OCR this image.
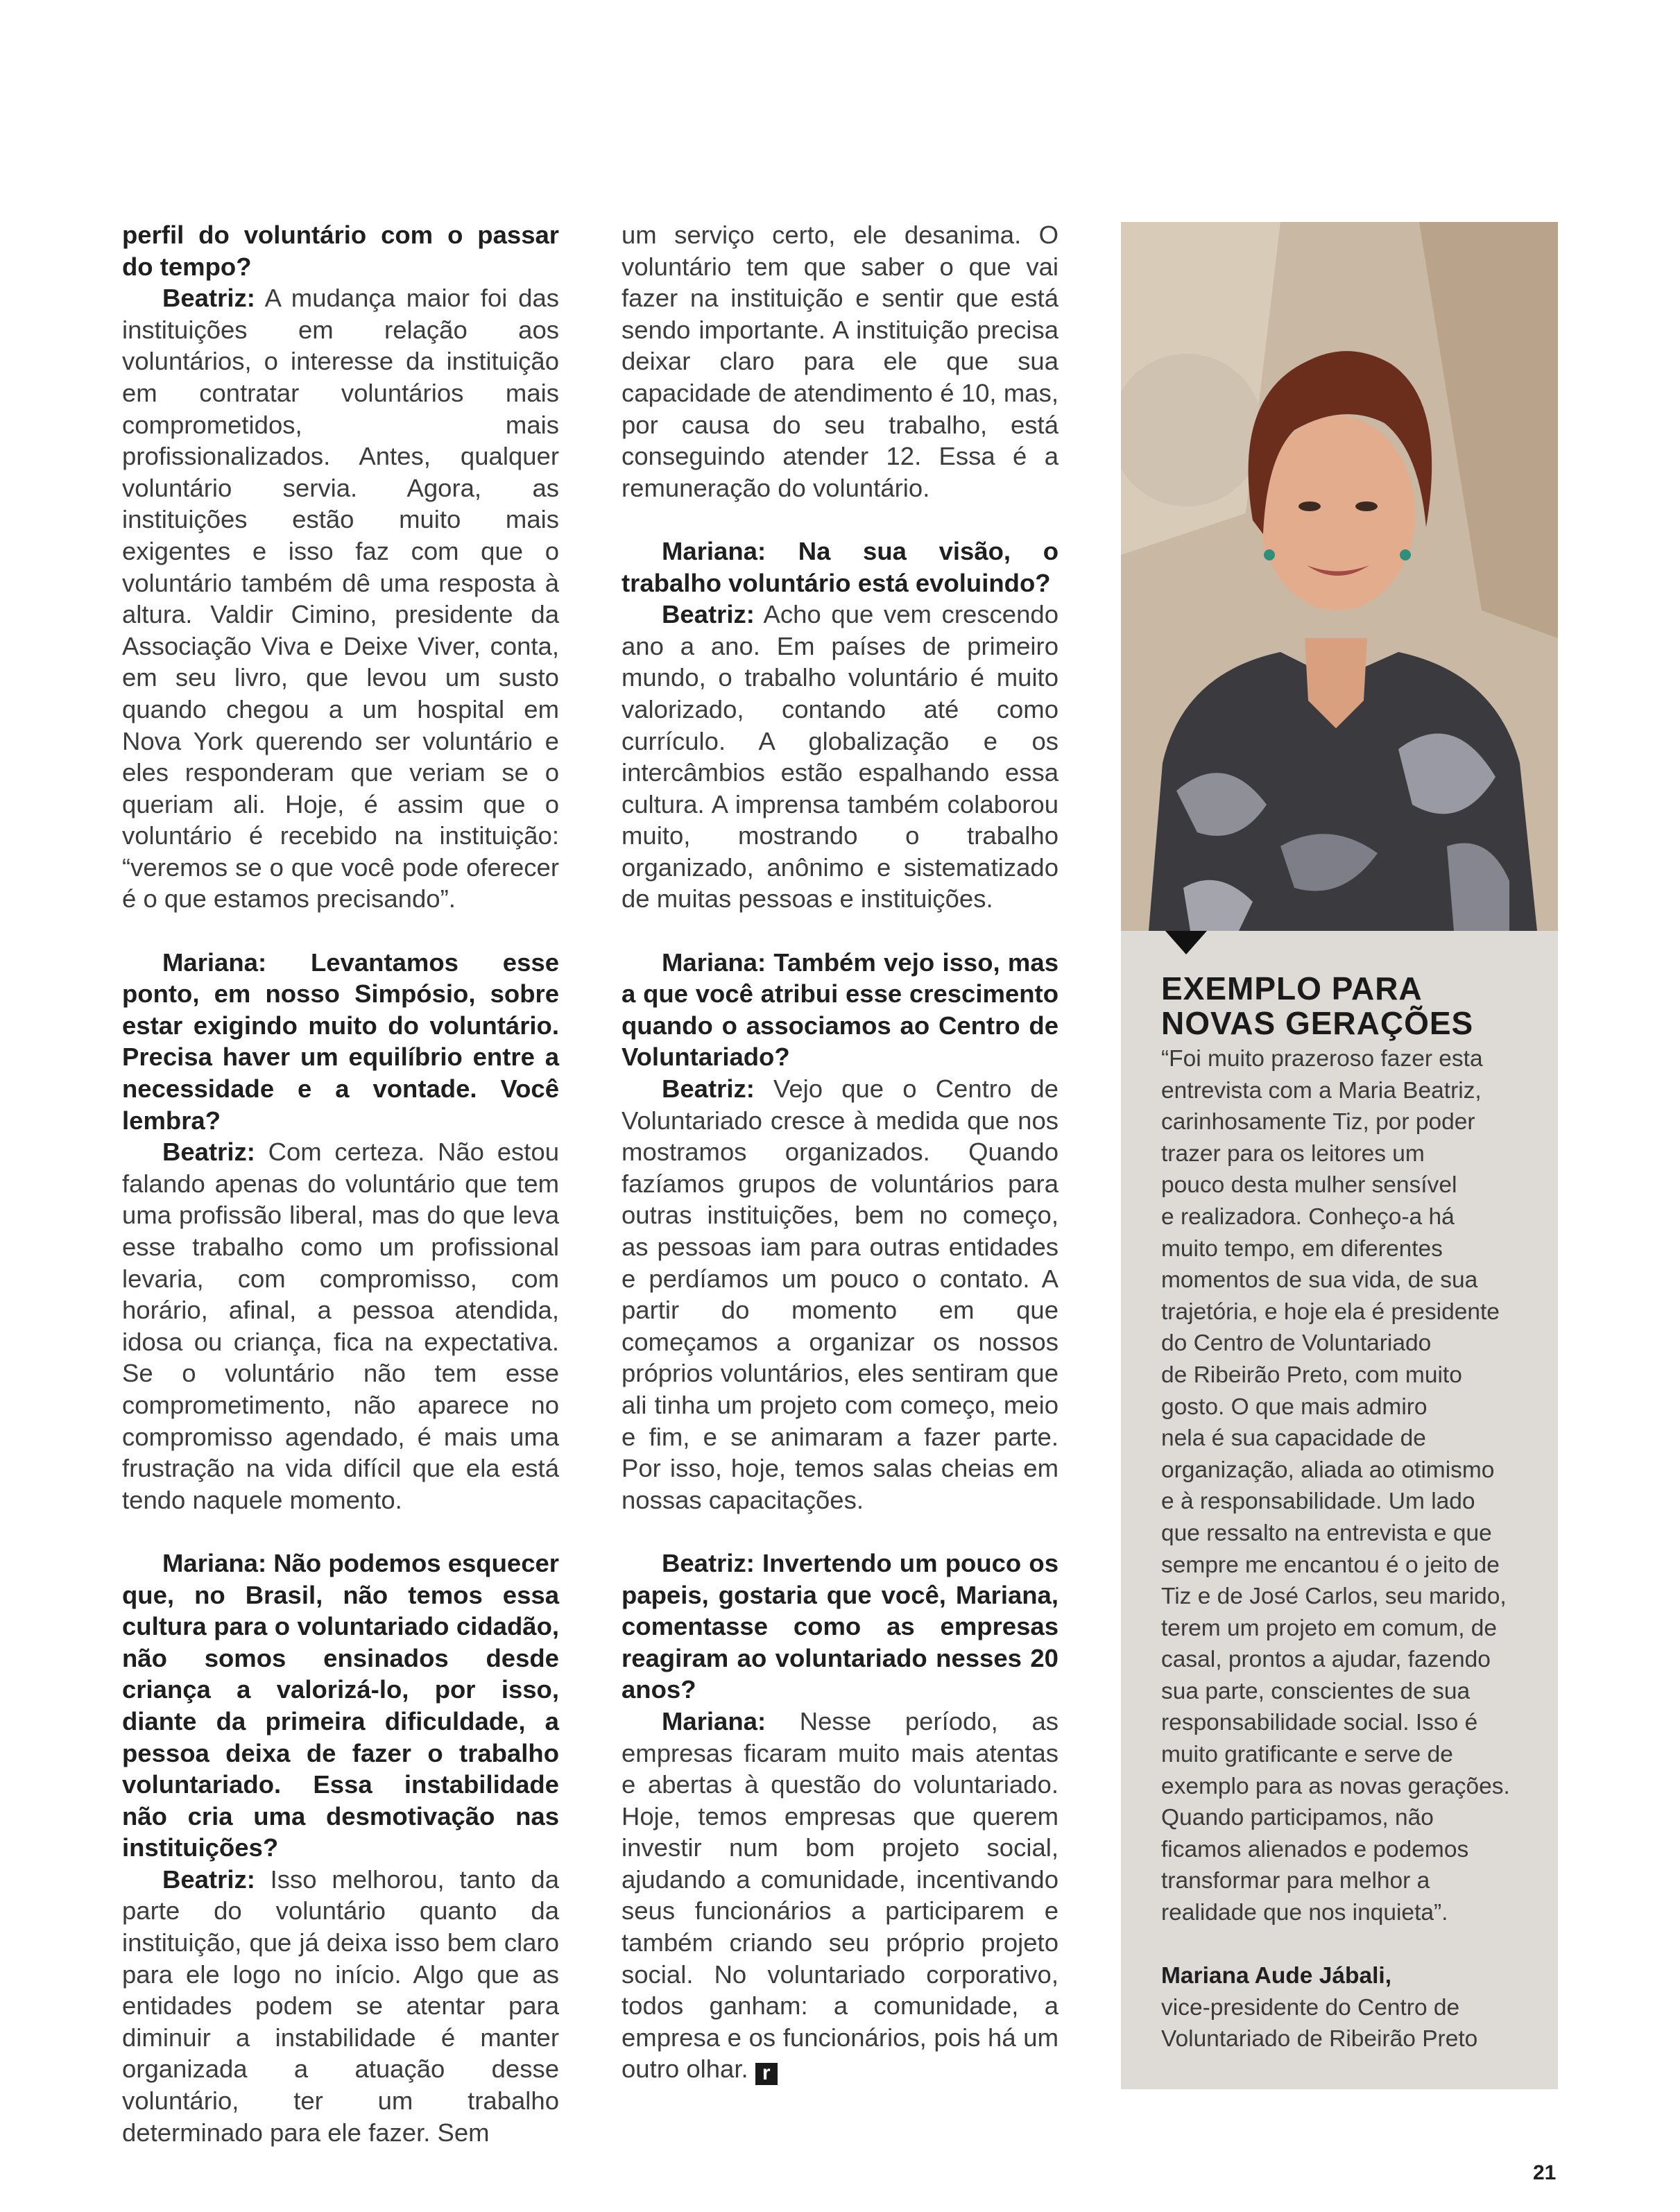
perfil do voluntário com o passar do tempo?

Beatriz: A mudança maior foi das instituições em relação aos voluntários, o interesse da instituição em contratar voluntários mais comprometidos, mais profissionalizados. Antes, qualquer voluntário servia. Agora, as instituições estão muito mais exigentes e isso faz com que o voluntário também dê uma resposta à altura. Valdir Cimino, presidente da Associação Viva e Deixe Viver, conta, em seu livro, que levou um susto quando chegou a um hospital em Nova York querendo ser voluntário e eles responderam que veriam se o queriam ali. Hoje, é assim que o voluntário é recebido na instituição: “veremos se o que você pode oferecer é o que estamos precisando”.

Mariana: Levantamos esse ponto, em nosso Simpósio, sobre estar exigindo muito do voluntário. Precisa haver um equilíbrio entre a necessidade e a vontade. Você lembra?

Beatriz: Com certeza. Não estou falando apenas do voluntário que tem uma profissão liberal, mas do que leva esse trabalho como um profissional levaria, com compromisso, com horário, afinal, a pessoa atendida, idosa ou criança, fica na expectativa. Se o voluntário não tem esse comprometimento, não aparece no compromisso agendado, é mais uma frustração na vida difícil que ela está tendo naquele momento.

Mariana: Não podemos esquecer que, no Brasil, não temos essa cultura para o voluntariado cidadão, não somos ensinados desde criança a valorizá-lo, por isso, diante da primeira dificuldade, a pessoa deixa de fazer o trabalho voluntariado. Essa instabilidade não cria uma desmotivação nas instituições?

Beatriz: Isso melhorou, tanto da parte do voluntário quanto da instituição, que já deixa isso bem claro para ele logo no início. Algo que as entidades podem se atentar para diminuir a instabilidade é manter organizada a atuação desse voluntário, ter um trabalho determinado para ele fazer. Sem

um serviço certo, ele desanima. O voluntário tem que saber o que vai fazer na instituição e sentir que está sendo importante. A instituição precisa deixar claro para ele que sua capacidade de atendimento é 10, mas, por causa do seu trabalho, está conseguindo atender 12. Essa é a remuneração do voluntário.

Mariana: Na sua visão, o trabalho voluntário está evoluindo?

Beatriz: Acho que vem crescendo ano a ano. Em países de primeiro mundo, o trabalho voluntário é muito valorizado, contando até como currículo. A globalização e os intercâmbios estão espalhando essa cultura. A imprensa também colaborou muito, mostrando o trabalho organizado, anônimo e sistematizado de muitas pessoas e instituições.

Mariana: Também vejo isso, mas a que você atribui esse crescimento quando o associamos ao Centro de Voluntariado?

Beatriz: Vejo que o Centro de Voluntariado cresce à medida que nos mostramos organizados. Quando fazíamos grupos de voluntários para outras instituições, bem no começo, as pessoas iam para outras entidades e perdíamos um pouco o contato. A partir do momento em que começamos a organizar os nossos próprios voluntários, eles sentiram que ali tinha um projeto com começo, meio e fim, e se animaram a fazer parte. Por isso, hoje, temos salas cheias em nossas capacitações.

Beatriz: Invertendo um pouco os papeis, gostaria que você, Mariana, comentasse como as empresas reagiram ao voluntariado nesses 20 anos?

Mariana: Nesse período, as empresas ficaram muito mais atentas e abertas à questão do voluntariado. Hoje, temos empresas que querem investir num bom projeto social, ajudando a comunidade, incentivando seus funcionários a participarem e também criando seu próprio projeto social. No voluntariado corporativo, todos ganham: a comunidade, a empresa e os funcionários, pois há um outro olhar. r

EXEMPLO PARA
NOVAS GERAÇÕES
“Foi muito prazeroso fazer esta
entrevista com a Maria Beatriz,
carinhosamente Tiz, por poder
trazer para os leitores um
pouco desta mulher sensível
e realizadora. Conheço-a há
muito tempo, em diferentes
momentos de sua vida, de sua
trajetória, e hoje ela é presidente
do Centro de Voluntariado
de Ribeirão Preto, com muito
gosto. O que mais admiro
nela é sua capacidade de
organização, aliada ao otimismo
e à responsabilidade. Um lado
que ressalto na entrevista e que
sempre me encantou é o jeito de
Tiz e de José Carlos, seu marido,
terem um projeto em comum, de
casal, prontos a ajudar, fazendo
sua parte, conscientes de sua
responsabilidade social. Isso é
muito gratificante e serve de
exemplo para as novas gerações.
Quando participamos, não
ficamos alienados e podemos
transformar para melhor a
realidade que nos inquieta”.
Mariana Aude Jábali,
vice-presidente do Centro de
Voluntariado de Ribeirão Preto
21
